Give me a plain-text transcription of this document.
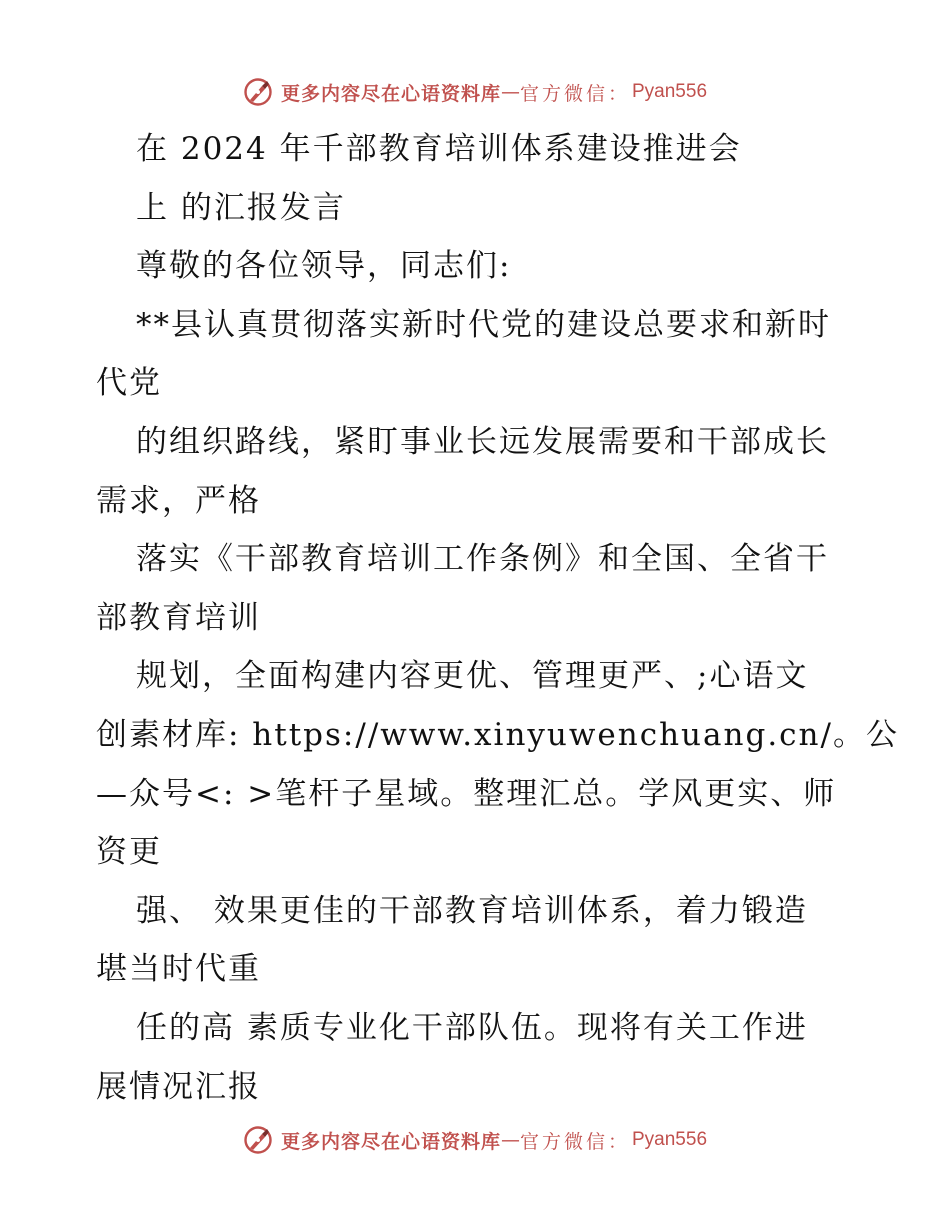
更多内容尽在心语资料库 — 官方微信： Pyan556
在 2024 年千部教育培训体系建设推进会
上 的汇报发言
尊敬的各位领导，同志们:
**县认真贯彻落实新时代党的建设总要求和新时
代党
的组织路线，紧盯事业长远发展需要和干部成长
需求，严格
落实《干部教育培训工作条例》和全国、全省干
部教育培训
规划，全面构建内容更优、管理更严、;心语文
创素材库: https://www.xinyuwenchuang.cn/。公
—众号<: >笔杆子星域。整理汇总。学风更实、师
资更
强、 效果更佳的干部教育培训体系，着力锻造
堪当时代重
任的高 素质专业化干部队伍。现将有关工作进
展情况汇报
更多内容尽在心语资料库 — 官方微信： Pyan556
